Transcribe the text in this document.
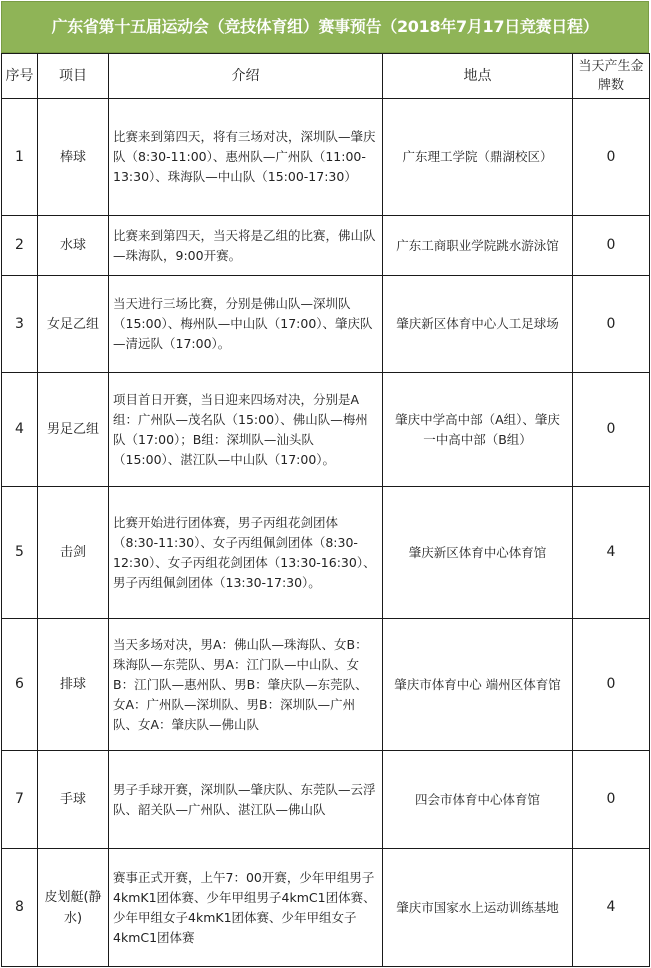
广东省第十五届运动会（竞技体育组）赛事预告（2018年7月17日竞赛日程）
序号	项目	介绍	地点	当天产生金牌数
1	棒球	比赛来到第四天，将有三场对决，深圳队—肇庆队（8:30-11:00）、惠州队—广州队（11:00-13:30）、珠海队—中山队（15:00-17:30）	广东理工学院（鼎湖校区）	0
2	水球	比赛来到第四天，当天将是乙组的比赛，佛山队—珠海队，9:00开赛。	广东工商职业学院跳水游泳馆	0
3	女足乙组	当天进行三场比赛，分别是佛山队—深圳队（15:00）、梅州队—中山队（17:00）、肇庆队—清远队（17:00）。	肇庆新区体育中心人工足球场	0
4	男足乙组	项目首日开赛，当日迎来四场对决，分别是A组：广州队—茂名队（15:00）、佛山队—梅州队（17:00）；B组：深圳队—汕头队（15:00）、湛江队—中山队（17:00）。	肇庆中学高中部（A组）、肇庆一中高中部（B组）	0
5	击剑	比赛开始进行团体赛，男子丙组花剑团体（8:30-11:30）、女子丙组佩剑团体（8:30-12:30）、女子丙组花剑团体（13:30-16:30）、男子丙组佩剑团体（13:30-17:30）。	肇庆新区体育中心体育馆	4
6	排球	当天多场对决，男A：佛山队—珠海队、女B：珠海队—东莞队、男A：江门队—中山队、女B：江门队—惠州队、男B：肇庆队—东莞队、女A：广州队—深圳队、男B：深圳队—广州队、女A：肇庆队—佛山队	肇庆市体育中心 端州区体育馆	0
7	手球	男子手球开赛，深圳队—肇庆队、东莞队—云浮队、韶关队—广州队、湛江队—佛山队	四会市体育中心体育馆	0
8	皮划艇(静水)	赛事正式开赛，上午7：00开赛，少年甲组男子4kmK1团体赛、少年甲组男子4kmC1团体赛、少年甲组女子4kmK1团体赛、少年甲组女子4kmC1团体赛	肇庆市国家水上运动训练基地	4
